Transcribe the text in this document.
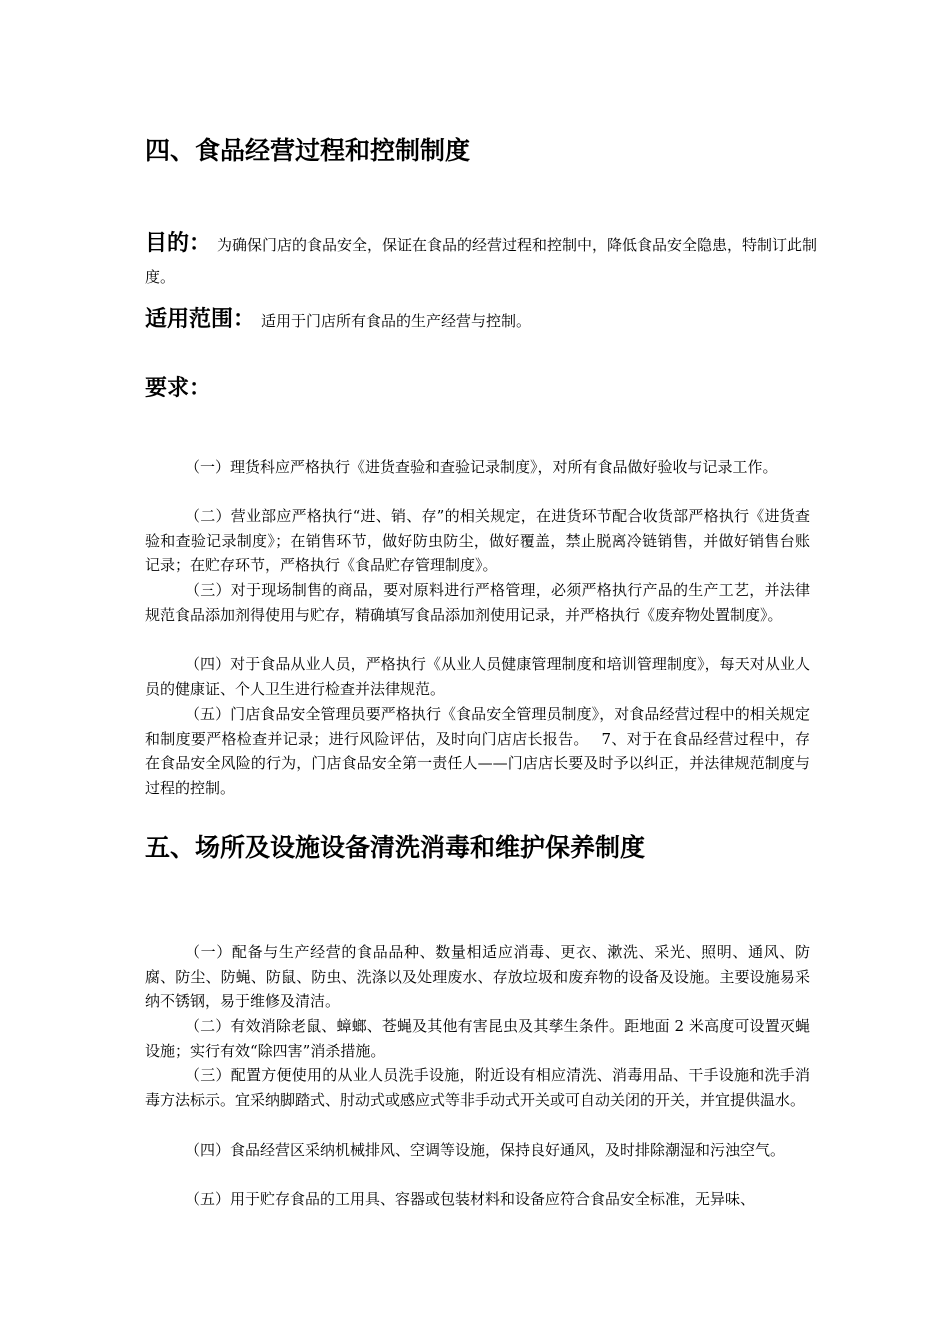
四、食品经营过程和控制制度

目的： 为确保门店的食品安全，保证在食品的经营过程和控制中，降低食品安全隐患，特制订此制度。

适用范围： 适用于门店所有食品的生产经营与控制。

要求：

（一）理货科应严格执行《进货查验和查验记录制度》，对所有食品做好验收与记录工作。

（二）营业部应严格执行“进、销、存”的相关规定，在进货环节配合收货部严格执行《进货查验和查验记录制度》；在销售环节，做好防虫防尘，做好覆盖，禁止脱离冷链销售，并做好销售台账记录；在贮存环节，严格执行《食品贮存管理制度》。

（三）对于现场制售的商品，要对原料进行严格管理，必须严格执行产品的生产工艺，并法律规范食品添加剂得使用与贮存，精确填写食品添加剂使用记录，并严格执行《废弃物处置制度》。

（四）对于食品从业人员，严格执行《从业人员健康管理制度和培训管理制度》，每天对从业人员的健康证、个人卫生进行检查并法律规范。

（五）门店食品安全管理员要严格执行《食品安全管理员制度》，对食品经营过程中的相关规定和制度要严格检查并记录；进行风险评估，及时向门店店长报告。　 7、对于在食品经营过程中，存在食品安全风险的行为，门店食品安全第一责任人——门店店长要及时予以纠正，并法律规范制度与过程的控制。

五、场所及设施设备清洗消毒和维护保养制度

（一）配备与生产经营的食品品种、数量相适应消毒、更衣、漱洗、采光、照明、通风、防腐、防尘、防蝇、防鼠、防虫、洗涤以及处理废水、存放垃圾和废弃物的设备及设施。主要设施易采纳不锈钢，易于维修及清洁。

（二）有效消除老鼠、蟑螂、苍蝇及其他有害昆虫及其孳生条件。距地面 2 米高度可设置灭蝇设施；实行有效“除四害”消杀措施。

（三）配置方便使用的从业人员洗手设施，附近设有相应清洗、消毒用品、干手设施和洗手消毒方法标示。宜采纳脚踏式、肘动式或感应式等非手动式开关或可自动关闭的开关，并宜提供温水。

（四）食品经营区采纳机械排风、空调等设施，保持良好通风，及时排除潮湿和污浊空气。

（五）用于贮存食品的工用具、容器或包装材料和设备应符合食品安全标准，无异味、
